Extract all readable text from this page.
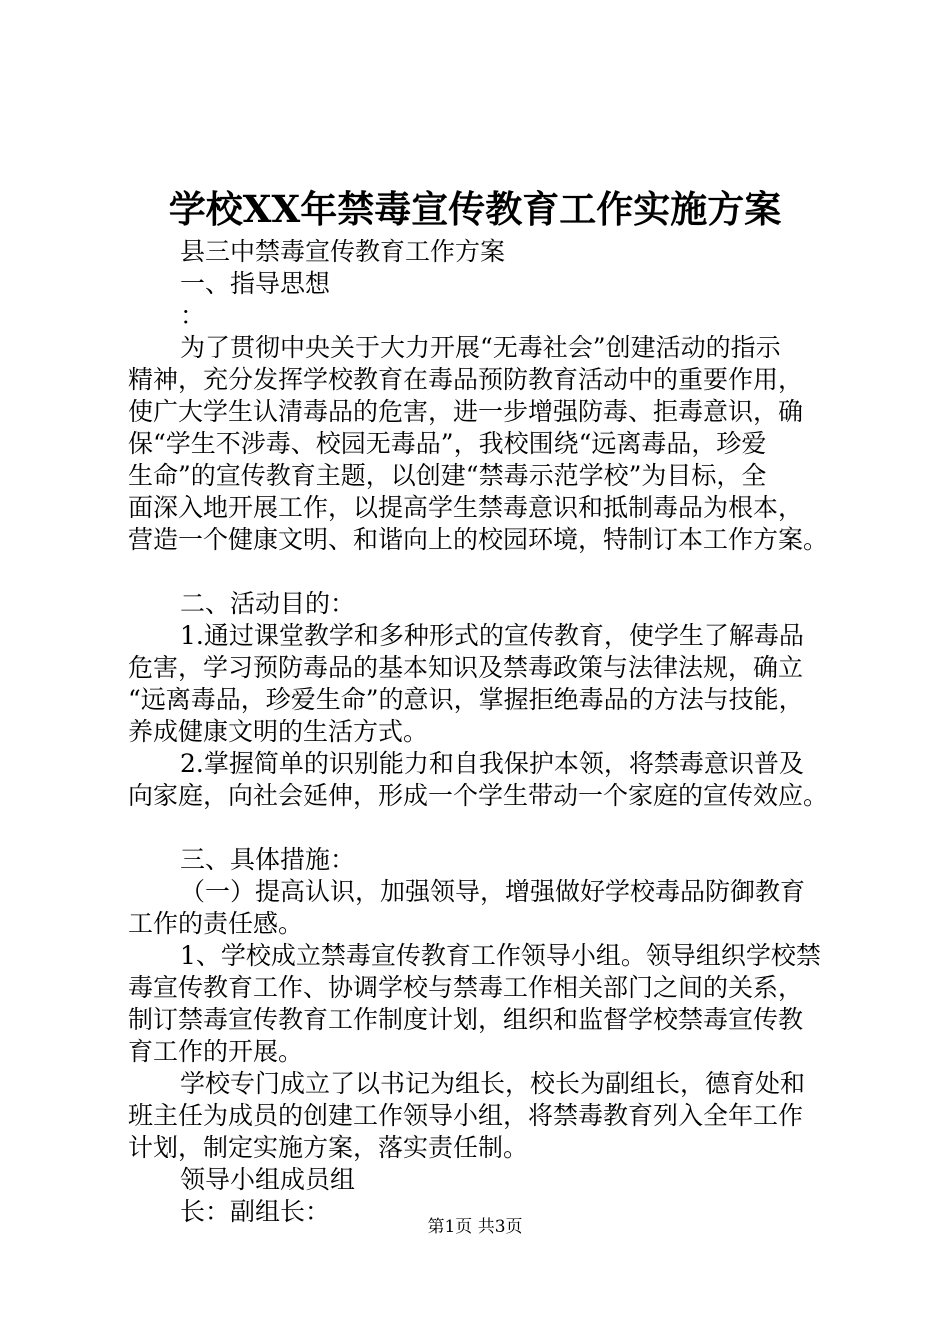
学校XX年禁毒宣传教育工作实施方案
县三中禁毒宣传教育工作方案
一、指导思想
：
为了贯彻中央关于大力开展“无毒社会”创建活动的指示
精神，充分发挥学校教育在毒品预防教育活动中的重要作用，
使广大学生认清毒品的危害，进一步增强防毒、拒毒意识，确
保“学生不涉毒、校园无毒品”，我校围绕“远离毒品，珍爱
生命”的宣传教育主题，以创建“禁毒示范学校”为目标，全
面深入地开展工作，以提高学生禁毒意识和抵制毒品为根本，
营造一个健康文明、和谐向上的校园环境，特制订本工作方案。
二、活动目的：
1.通过课堂教学和多种形式的宣传教育，使学生了解毒品
危害，学习预防毒品的基本知识及禁毒政策与法律法规，确立
“远离毒品，珍爱生命”的意识，掌握拒绝毒品的方法与技能，
养成健康文明的生活方式。
2.掌握简单的识别能力和自我保护本领，将禁毒意识普及
向家庭，向社会延伸，形成一个学生带动一个家庭的宣传效应。
三、具体措施：
（一）提高认识，加强领导，增强做好学校毒品防御教育
工作的责任感。
1、学校成立禁毒宣传教育工作领导小组。领导组织学校禁
毒宣传教育工作、协调学校与禁毒工作相关部门之间的关系，
制订禁毒宣传教育工作制度计划，组织和监督学校禁毒宣传教
育工作的开展。
学校专门成立了以书记为组长，校长为副组长，德育处和
班主任为成员的创建工作领导小组，将禁毒教育列入全年工作
计划，制定实施方案，落实责任制。
领导小组成员组
长：副组长：
第1页 共3页
